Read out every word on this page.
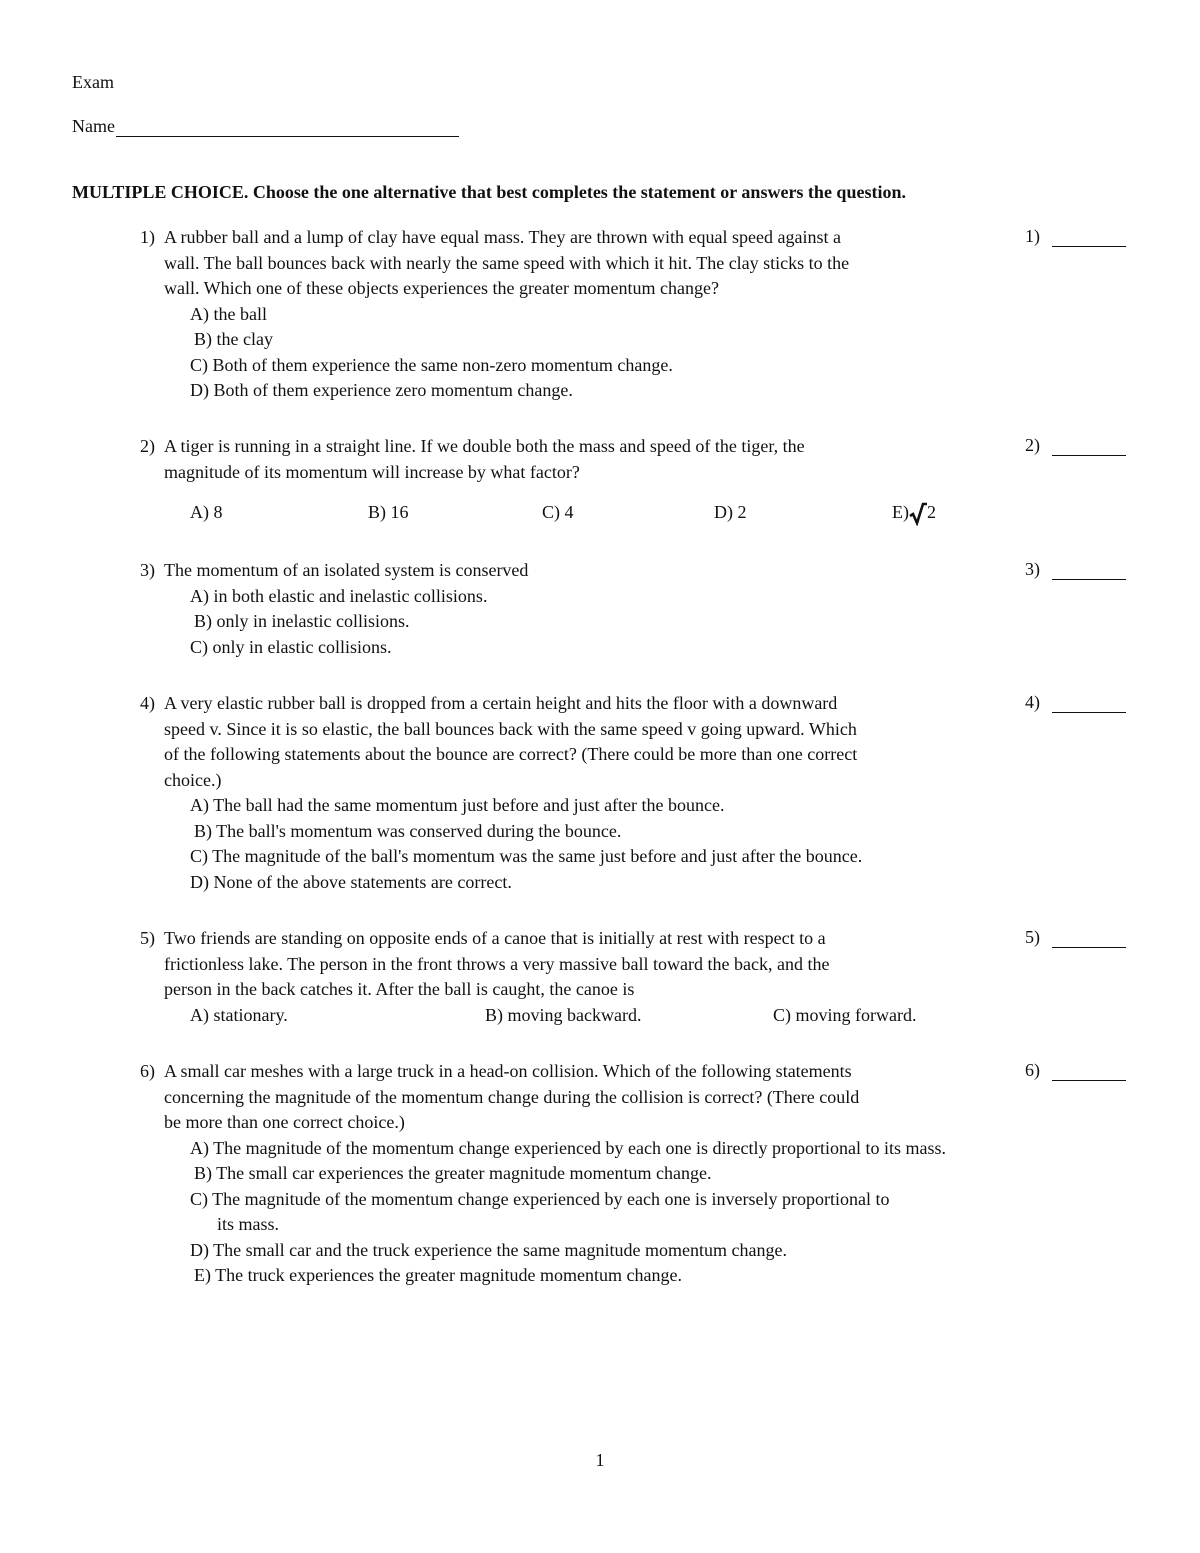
Exam
Name
MULTIPLE CHOICE. Choose the one alternative that best completes the statement or answers the question.
1) A rubber ball and a lump of clay have equal mass. They are thrown with equal speed against a
wall. The ball bounces back with nearly the same speed with which it hit. The clay sticks to the
wall. Which one of these objects experiences the greater momentum change?
A) the ball
B) the clay
C) Both of them experience the same non-zero momentum change.
D) Both of them experience zero momentum change.
1)
2) A tiger is running in a straight line. If we double both the mass and speed of the tiger, the
magnitude of its momentum will increase by what factor?
A) 8	B) 16	C) 4	D) 2	E) 2
2)
3) The momentum of an isolated system is conserved
A) in both elastic and inelastic collisions.
B) only in inelastic collisions.
C) only in elastic collisions.
3)
4) A very elastic rubber ball is dropped from a certain height and hits the floor with a downward
speed v. Since it is so elastic, the ball bounces back with the same speed v going upward. Which
of the following statements about the bounce are correct? (There could be more than one correct
choice.)
A) The ball had the same momentum just before and just after the bounce.
B) The ball's momentum was conserved during the bounce.
C) The magnitude of the ball's momentum was the same just before and just after the bounce.
D) None of the above statements are correct.
4)
5) Two friends are standing on opposite ends of a canoe that is initially at rest with respect to a
frictionless lake. The person in the front throws a very massive ball toward the back, and the
person in the back catches it. After the ball is caught, the canoe is
A) stationary.	B) moving backward.	C) moving forward.
5)
6) A small car meshes with a large truck in a head-on collision. Which of the following statements
concerning the magnitude of the momentum change during the collision is correct? (There could
be more than one correct choice.)
A) The magnitude of the momentum change experienced by each one is directly proportional to its mass.
B) The small car experiences the greater magnitude momentum change.
C) The magnitude of the momentum change experienced by each one is inversely proportional to its mass.
D) The small car and the truck experience the same magnitude momentum change.
E) The truck experiences the greater magnitude momentum change.
6)
1
